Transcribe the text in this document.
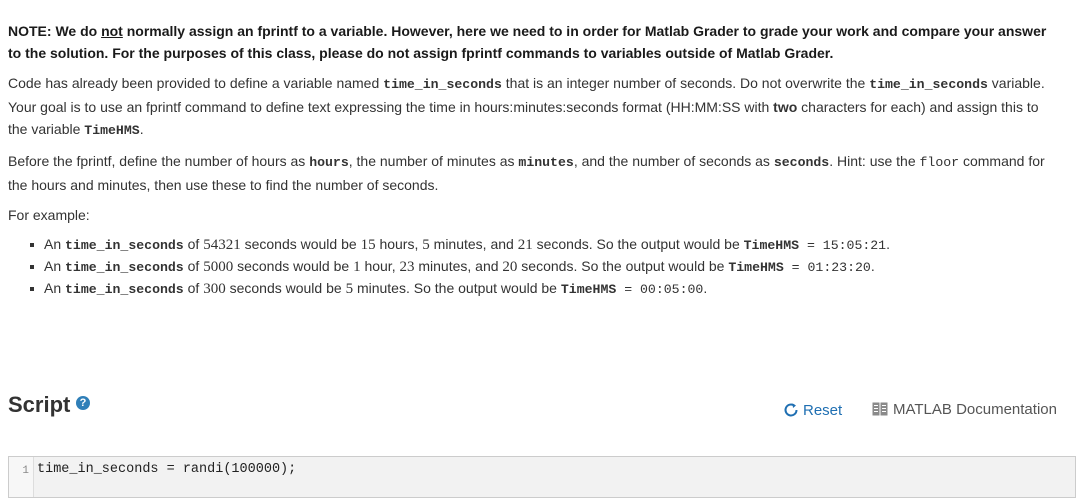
NOTE: We do not normally assign an fprintf to a variable. However, here we need to in order for Matlab Grader to grade your work and compare your answer to the solution. For the purposes of this class, please do not assign fprintf commands to variables outside of Matlab Grader.

Code has already been provided to define a variable named time_in_seconds that is an integer number of seconds. Do not overwrite the time_in_seconds variable. Your goal is to use an fprintf command to define text expressing the time in hours:minutes:seconds format (HH:MM:SS with two characters for each) and assign this to the variable TimeHMS.

Before the fprintf, define the number of hours as hours, the number of minutes as minutes, and the number of seconds as seconds. Hint: use the floor command for the hours and minutes, then use these to find the number of seconds.

For example:

An time_in_seconds of 54321 seconds would be 15 hours, 5 minutes, and 21 seconds. So the output would be TimeHMS = 15:05:21.
An time_in_seconds of 5000 seconds would be 1 hour, 23 minutes, and 20 seconds. So the output would be TimeHMS = 01:23:20.
An time_in_seconds of 300 seconds would be 5 minutes. So the output would be TimeHMS = 00:05:00.
Script ?	Reset	MATLAB Documentation
1 time_in_seconds = randi(100000);
